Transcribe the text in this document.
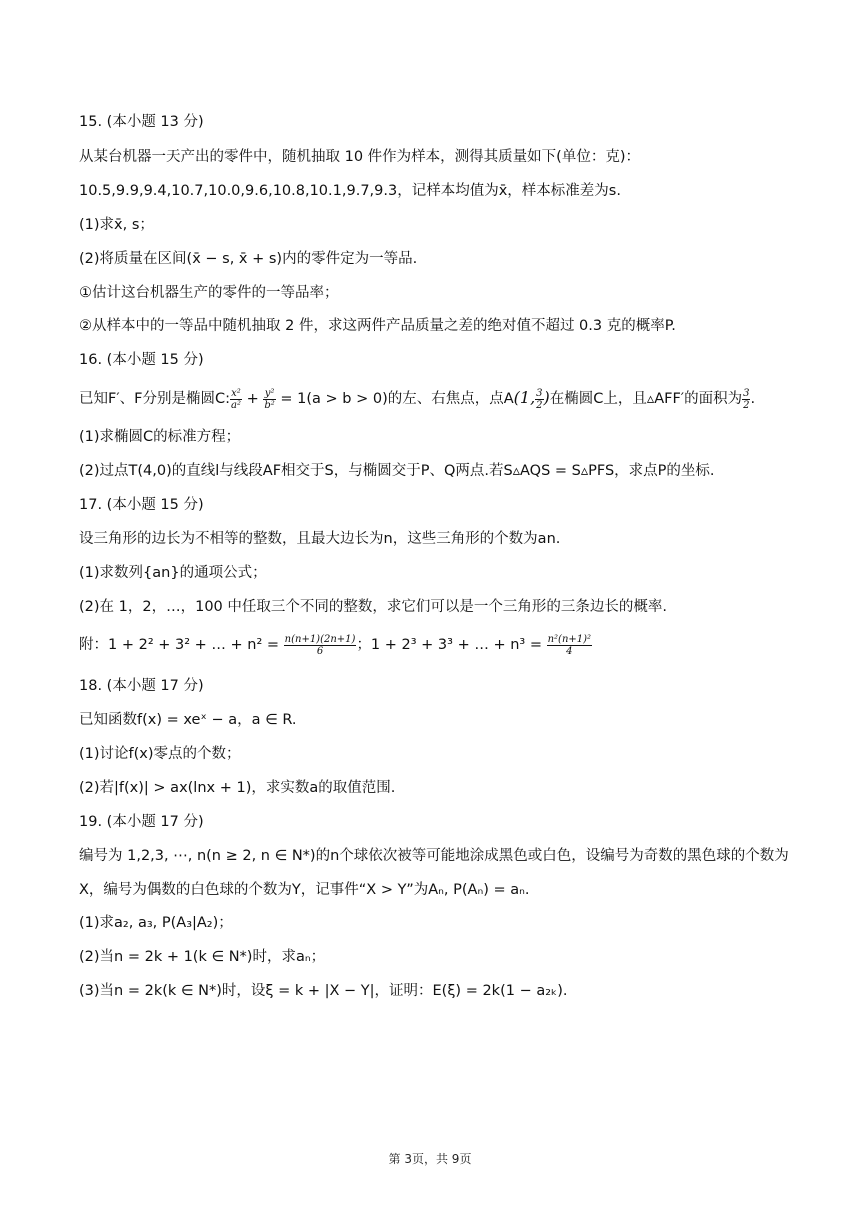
15. (本小题 13 分)
从某台机器一天产出的零件中，随机抽取 10 件作为样本，测得其质量如下(单位：克)：
10.5,9.9,9.4,10.7,10.0,9.6,10.8,10.1,9.7,9.3，记样本均值为x̄，样本标准差为s.
(1)求x̄, s；
(2)将质量在区间(x̄ − s, x̄ + s)内的零件定为一等品.
①估计这台机器生产的零件的一等品率；
②从样本中的一等品中随机抽取 2 件，求这两件产品质量之差的绝对值不超过 0.3 克的概率P.
16. (本小题 15 分)
已知F′、F分别是椭圆C: $\frac{\text{x²}}{\text{a²}} + \frac{\text{y²}}{\text{b²}} = 1(a > b > 0)$的左、右焦点，点A(1, $\frac{3}{2}$ )在椭圆C上，且▵AFF′的面积为 $\frac{3}{2}$ .
(1)求椭圆C的标准方程；
(2)过点T(4,0)的直线l与线段AF相交于S，与椭圆交于P、Q两点.若S▵AQS = S▵PFS，求点P的坐标.
17. (本小题 15 分)
设三角形的边长为不相等的整数，且最大边长为n，这些三角形的个数为an.
(1)求数列{an}的通项公式；
(2)在 1，2，…，100 中任取三个不同的整数，求它们可以是一个三角形的三条边长的概率.
附：1 + 2² + 3² + … + $n^2 = \frac{n(n+1)(2n+1)}{6}$ ；1 + 2³ + 3³ + … + $n^3 = \frac{\text{n²(n+1)²}}{4}$
18. (本小题 17 分)
已知函数f(x) = xeˣ − a，a ∈ R.
(1)讨论f(x)零点的个数；
(2)若|f(x)| > ax(lnx + 1)，求实数a的取值范围.
19. (本小题 17 分)
编号为 1,2,3, ⋯, n(n ≥ 2, n ∈ N*)的n个球依次被等可能地涂成黑色或白色，设编号为奇数的黑色球的个数为
X，编号为偶数的白色球的个数为Y，记事件“X > Y”为Aₙ, P(Aₙ) = aₙ.
(1)求a₂, a₃, P(A₃|A₂)；
(2)当n = 2k + 1(k ∈ N*)时，求aₙ；
(3)当n = 2k(k ∈ N*)时，设ξ = k + |X − Y|，证明：E(ξ) = 2k(1 − a₂ₖ).
第 3页，共 9页
